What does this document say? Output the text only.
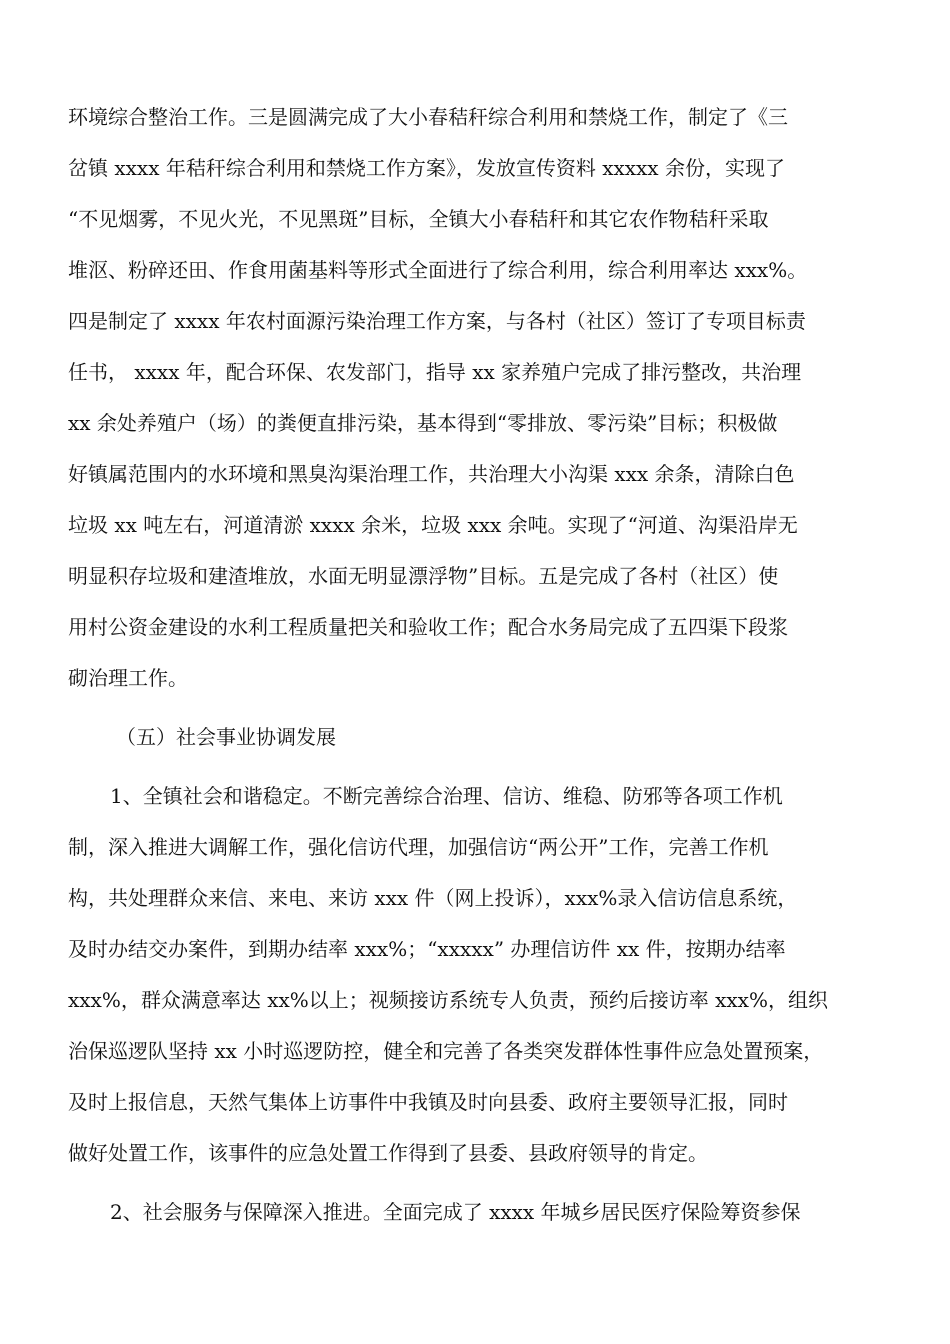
环境综合整治工作。三是圆满完成了大小春秸秆综合利用和禁烧工作，制定了《三
岔镇 xxxx 年秸秆综合利用和禁烧工作方案》，发放宣传资料 xxxxx 余份，实现了
“不见烟雾，不见火光，不见黑斑”目标，全镇大小春秸秆和其它农作物秸秆采取
堆沤、粉碎还田、作食用菌基料等形式全面进行了综合利用，综合利用率达 xxx%。
四是制定了 xxxx 年农村面源污染治理工作方案，与各村（社区）签订了专项目标责
任书， xxxx 年，配合环保、农发部门，指导 xx 家养殖户完成了排污整改，共治理
xx 余处养殖户（场）的粪便直排污染，基本得到“零排放、零污染”目标；积极做
好镇属范围内的水环境和黑臭沟渠治理工作，共治理大小沟渠 xxx 余条，清除白色
垃圾 xx 吨左右，河道清淤 xxxx 余米，垃圾 xxx 余吨。实现了“河道、沟渠沿岸无
明显积存垃圾和建渣堆放，水面无明显漂浮物”目标。五是完成了各村（社区）使
用村公资金建设的水利工程质量把关和验收工作；配合水务局完成了五四渠下段浆
砌治理工作。
（五）社会事业协调发展
1、全镇社会和谐稳定。不断完善综合治理、信访、维稳、防邪等各项工作机
制，深入推进大调解工作，强化信访代理，加强信访“两公开”工作，完善工作机
构，共处理群众来信、来电、来访 xxx 件（网上投诉），xxx%录入信访信息系统，
及时办结交办案件，到期办结率 xxx%；“xxxxx” 办理信访件 xx 件，按期办结率
xxx%，群众满意率达 xx%以上；视频接访系统专人负责，预约后接访率 xxx%，组织
治保巡逻队坚持 xx 小时巡逻防控，健全和完善了各类突发群体性事件应急处置预案，
及时上报信息，天然气集体上访事件中我镇及时向县委、政府主要领导汇报，同时
做好处置工作，该事件的应急处置工作得到了县委、县政府领导的肯定。
2、社会服务与保障深入推进。全面完成了 xxxx 年城乡居民医疗保险筹资参保
